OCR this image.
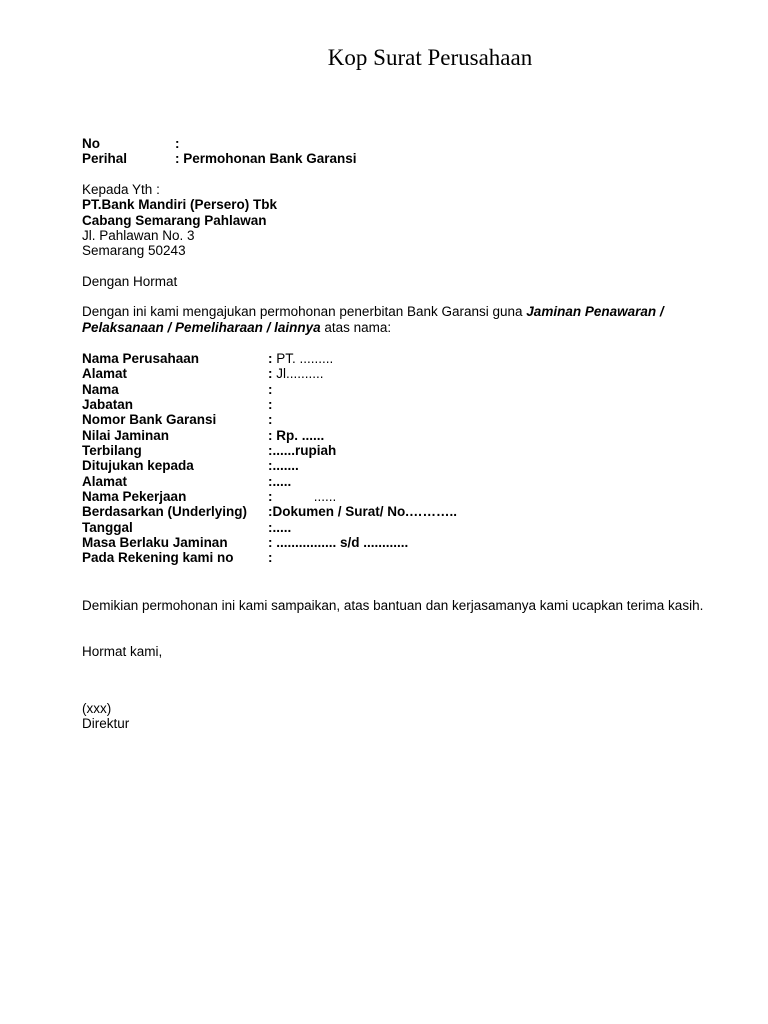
Kop Surat Perusahaan
No	:
Perihal	: Permohonan Bank Garansi
Kepada Yth :
PT.Bank Mandiri (Persero) Tbk
Cabang Semarang Pahlawan
Jl. Pahlawan No. 3
Semarang 50243
Dengan Hormat
Dengan ini kami mengajukan permohonan penerbitan Bank Garansi guna Jaminan Penawaran / Pelaksanaan / Pemeliharaan / lainnya atas nama:
Nama Perusahaan	: PT. .........
Alamat	: Jl..........
Nama	:
Jabatan	:
Nomor Bank Garansi	:
Nilai Jaminan	: Rp. ......
Terbilang	: ......rupiah
Ditujukan kepada	: .......
Alamat	: .....
Nama Pekerjaan	: ......
Berdasarkan (Underlying)	: Dokumen / Surat/ No.………..
Tanggal	: .....
Masa Berlaku Jaminan	: ................ s/d ............
Pada Rekening kami no	:
Demikian permohonan ini kami sampaikan, atas bantuan dan kerjasamanya kami ucapkan terima kasih.
Hormat kami,
(xxx)
Direktur
